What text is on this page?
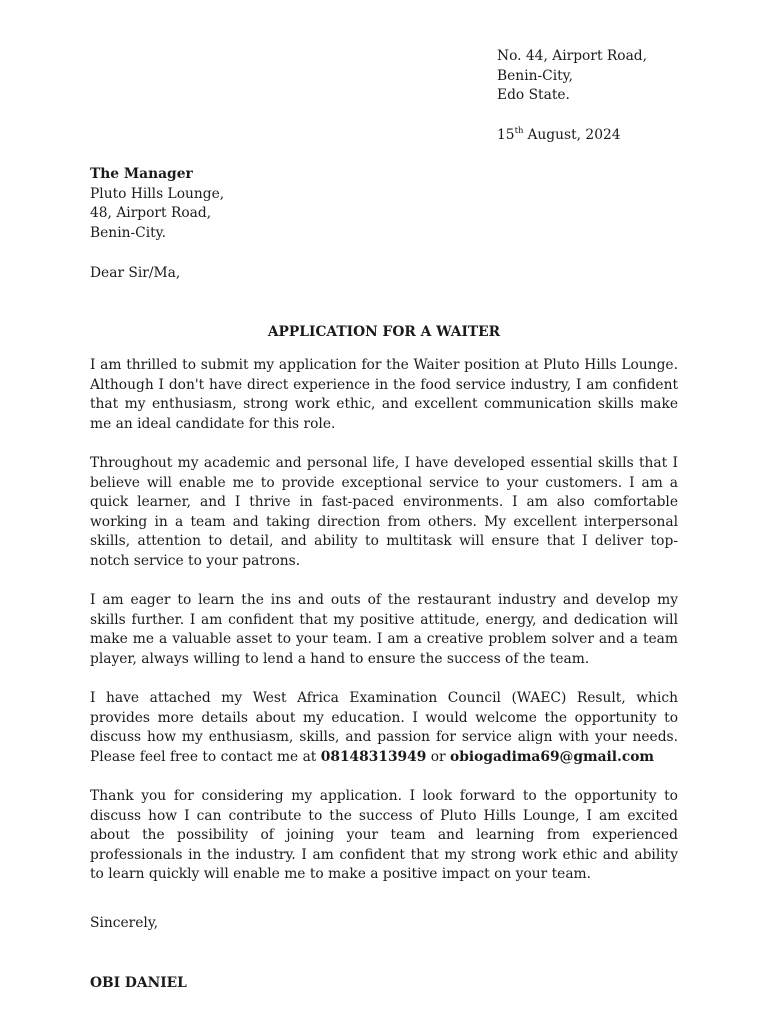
No. 44, Airport Road,
Benin-City,
Edo State.
15th August, 2024
The Manager
Pluto Hills Lounge,
48, Airport Road,
Benin-City.
Dear Sir/Ma,
APPLICATION FOR A WAITER

I am thrilled to submit my application for the Waiter position at Pluto Hills Lounge. Although I don't have direct experience in the food service industry, I am confident that my enthusiasm, strong work ethic, and excellent communication skills make me an ideal candidate for this role.

Throughout my academic and personal life, I have developed essential skills that I believe will enable me to provide exceptional service to your customers. I am a quick learner, and I thrive in fast-paced environments. I am also comfortable working in a team and taking direction from others. My excellent interpersonal skills, attention to detail, and ability to multitask will ensure that I deliver top-notch service to your patrons.

I am eager to learn the ins and outs of the restaurant industry and develop my skills further. I am confident that my positive attitude, energy, and dedication will make me a valuable asset to your team. I am a creative problem solver and a team player, always willing to lend a hand to ensure the success of the team.

I have attached my West Africa Examination Council (WAEC) Result, which provides more details about my education. I would welcome the opportunity to discuss how my enthusiasm, skills, and passion for service align with your needs. Please feel free to contact me at 08148313949 or obiogadima69@gmail.com

Thank you for considering my application. I look forward to the opportunity to discuss how I can contribute to the success of Pluto Hills Lounge, I am excited about the possibility of joining your team and learning from experienced professionals in the industry. I am confident that my strong work ethic and ability to learn quickly will enable me to make a positive impact on your team.

Sincerely,
OBI DANIEL
